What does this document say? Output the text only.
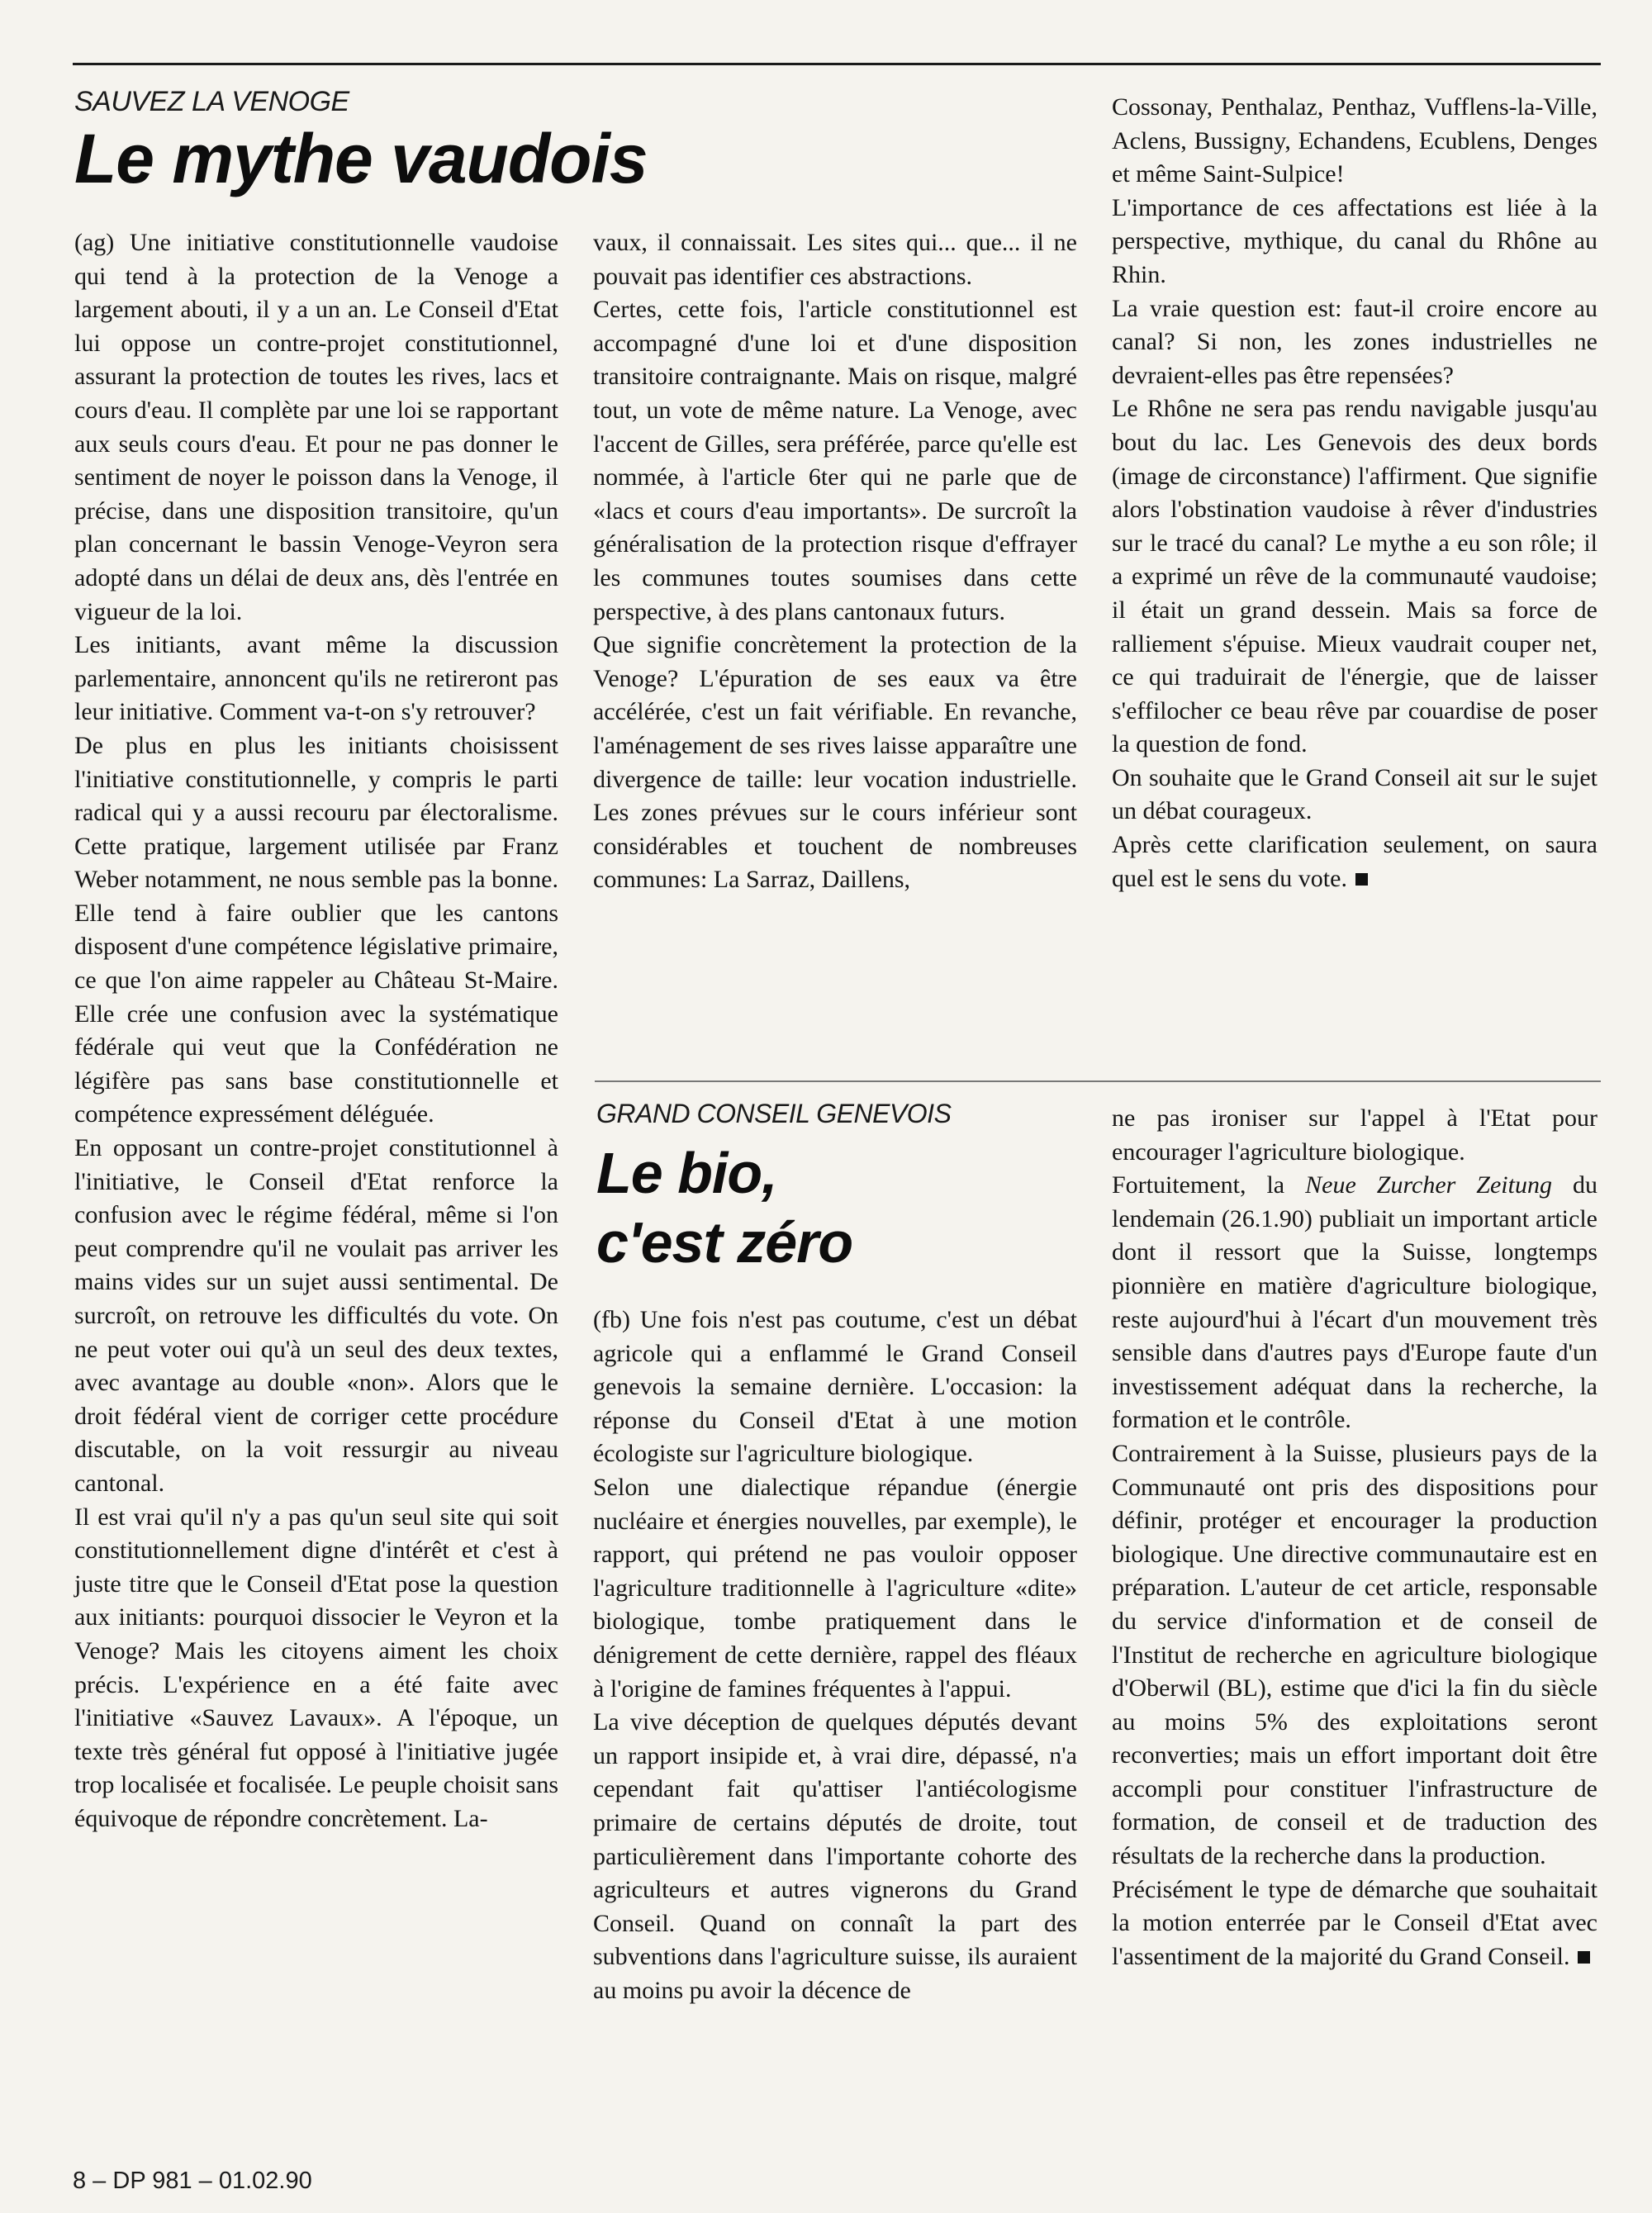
SAUVEZ LA VENOGE
Le mythe vaudois

(ag) Une initiative constitutionnelle vaudoise qui tend à la protection de la Venoge a largement abouti, il y a un an. Le Conseil d'Etat lui oppose un contre-projet constitutionnel, assurant la protection de toutes les rives, lacs et cours d'eau. Il complète par une loi se rapportant aux seuls cours d'eau. Et pour ne pas donner le sentiment de noyer le poisson dans la Venoge, il précise, dans une disposition transitoire, qu'un plan concernant le bassin Venoge-Veyron sera adopté dans un délai de deux ans, dès l'entrée en vigueur de la loi.

Les initiants, avant même la discussion parlementaire, annoncent qu'ils ne retireront pas leur initiative. Comment va-t-on s'y retrouver?

De plus en plus les initiants choisissent l'initiative constitutionnelle, y compris le parti radical qui y a aussi recouru par électoralisme. Cette pratique, largement utilisée par Franz Weber notamment, ne nous semble pas la bonne. Elle tend à faire oublier que les cantons disposent d'une compétence législative primaire, ce que l'on aime rappeler au Château St-Maire. Elle crée une confusion avec la systématique fédérale qui veut que la Confédération ne légifère pas sans base constitutionnelle et compétence expressément déléguée.

En opposant un contre-projet constitutionnel à l'initiative, le Conseil d'Etat renforce la confusion avec le régime fédéral, même si l'on peut comprendre qu'il ne voulait pas arriver les mains vides sur un sujet aussi sentimental. De surcroît, on retrouve les difficultés du vote. On ne peut voter oui qu'à un seul des deux textes, avec avantage au double «non». Alors que le droit fédéral vient de corriger cette procédure discutable, on la voit ressurgir au niveau cantonal.

Il est vrai qu'il n'y a pas qu'un seul site qui soit constitutionnellement digne d'intérêt et c'est à juste titre que le Conseil d'Etat pose la question aux initiants: pourquoi dissocier le Veyron et la Venoge? Mais les citoyens aiment les choix précis. L'expérience en a été faite avec l'initiative «Sauvez Lavaux». A l'époque, un texte très général fut opposé à l'initiative jugée trop localisée et focalisée. Le peuple choisit sans équivoque de répondre concrètement. La-

vaux, il connaissait. Les sites qui... que... il ne pouvait pas identifier ces abstractions.

Certes, cette fois, l'article constitutionnel est accompagné d'une loi et d'une disposition transitoire contraignante. Mais on risque, malgré tout, un vote de même nature. La Venoge, avec l'accent de Gilles, sera préférée, parce qu'elle est nommée, à l'article 6ter qui ne parle que de «lacs et cours d'eau importants». De surcroît la généralisation de la protection risque d'effrayer les communes toutes soumises dans cette perspective, à des plans cantonaux futurs.

Que signifie concrètement la protection de la Venoge? L'épuration de ses eaux va être accélérée, c'est un fait vérifiable. En revanche, l'aménagement de ses rives laisse apparaître une divergence de taille: leur vocation industrielle. Les zones prévues sur le cours inférieur sont considérables et touchent de nombreuses communes: La Sarraz, Daillens,

Cossonay, Penthalaz, Penthaz, Vufflens-la-Ville, Aclens, Bussigny, Echandens, Ecublens, Denges et même Saint-Sulpice!

L'importance de ces affectations est liée à la perspective, mythique, du canal du Rhône au Rhin.

La vraie question est: faut-il croire encore au canal? Si non, les zones industrielles ne devraient-elles pas être repensées?

Le Rhône ne sera pas rendu navigable jusqu'au bout du lac. Les Genevois des deux bords (image de circonstance) l'affirment. Que signifie alors l'obstination vaudoise à rêver d'industries sur le tracé du canal? Le mythe a eu son rôle; il a exprimé un rêve de la communauté vaudoise; il était un grand dessein. Mais sa force de ralliement s'épuise. Mieux vaudrait couper net, ce qui traduirait de l'énergie, que de laisser s'effilocher ce beau rêve par couardise de poser la question de fond.

On souhaite que le Grand Conseil ait sur le sujet un débat courageux.

Après cette clarification seulement, on saura quel est le sens du vote.

GRAND CONSEIL GENEVOIS
Le bio,
c'est zéro

(fb) Une fois n'est pas coutume, c'est un débat agricole qui a enflammé le Grand Conseil genevois la semaine dernière. L'occasion: la réponse du Conseil d'Etat à une motion écologiste sur l'agriculture biologique.

Selon une dialectique répandue (énergie nucléaire et énergies nouvelles, par exemple), le rapport, qui prétend ne pas vouloir opposer l'agriculture traditionnelle à l'agriculture «dite» biologique, tombe pratiquement dans le dénigrement de cette dernière, rappel des fléaux à l'origine de famines fréquentes à l'appui.

La vive déception de quelques députés devant un rapport insipide et, à vrai dire, dépassé, n'a cependant fait qu'attiser l'antiécologisme primaire de certains députés de droite, tout particulièrement dans l'importante cohorte des agriculteurs et autres vignerons du Grand Conseil. Quand on connaît la part des subventions dans l'agriculture suisse, ils auraient au moins pu avoir la décence de

ne pas ironiser sur l'appel à l'Etat pour encourager l'agriculture biologique.

Fortuitement, la Neue Zurcher Zeitung du lendemain (26.1.90) publiait un important article dont il ressort que la Suisse, longtemps pionnière en matière d'agriculture biologique, reste aujourd'hui à l'écart d'un mouvement très sensible dans d'autres pays d'Europe faute d'un investissement adéquat dans la recherche, la formation et le contrôle.

Contrairement à la Suisse, plusieurs pays de la Communauté ont pris des dispositions pour définir, protéger et encourager la production biologique. Une directive communautaire est en préparation. L'auteur de cet article, responsable du service d'information et de conseil de l'Institut de recherche en agriculture biologique d'Oberwil (BL), estime que d'ici la fin du siècle au moins 5% des exploitations seront reconverties; mais un effort important doit être accompli pour constituer l'infrastructure de formation, de conseil et de traduction des résultats de la recherche dans la production.

Précisément le type de démarche que souhaitait la motion enterrée par le Conseil d'Etat avec l'assentiment de la majorité du Grand Conseil.

8 – DP 981 – 01.02.90
